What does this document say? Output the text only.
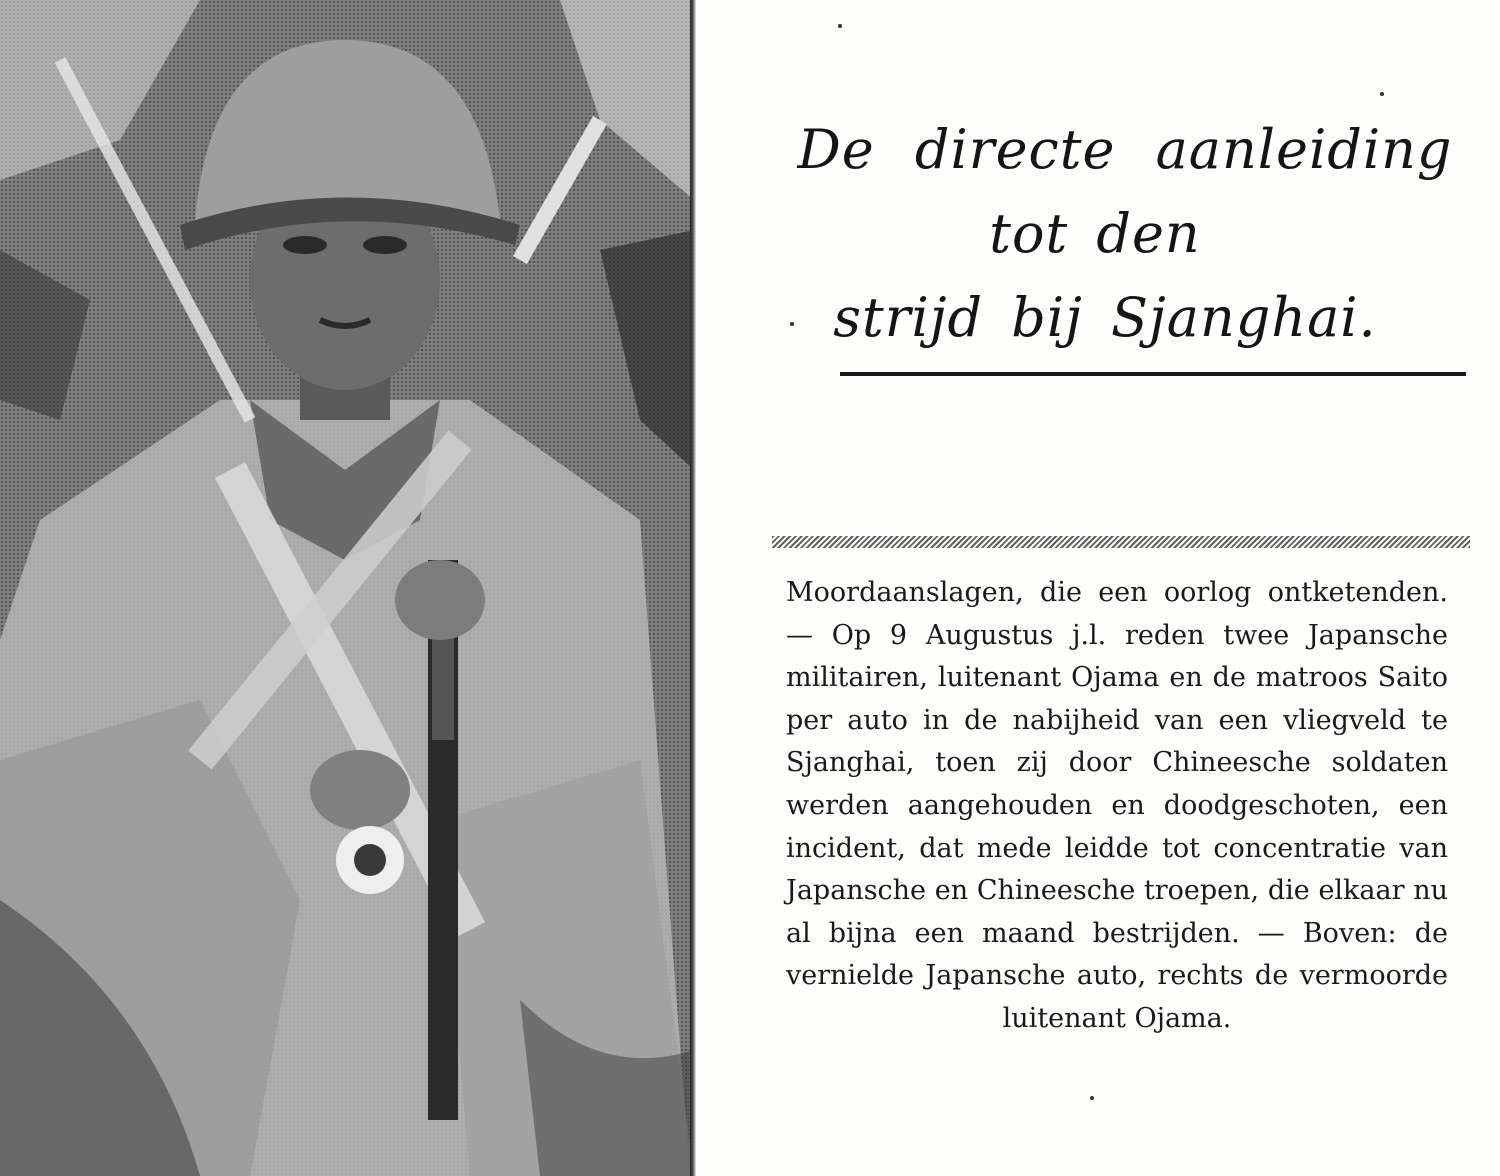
De directe aanleiding
tot den
strijd bij Sjanghai.
Moordaanslagen, die een oorlog ontketenden. — Op 9 Augustus j.l. reden twee Japansche militairen, luitenant Ojama en de matroos Saito per auto in de nabijheid van een vliegveld te Sjanghai, toen zij door Chineesche soldaten werden aangehouden en doodgeschoten, een incident, dat mede leidde tot concentratie van Japansche en Chineesche troepen, die elkaar nu al bijna een maand bestrijden. — Boven: de vernielde Japansche auto, rechts de vermoorde luitenant Ojama.
